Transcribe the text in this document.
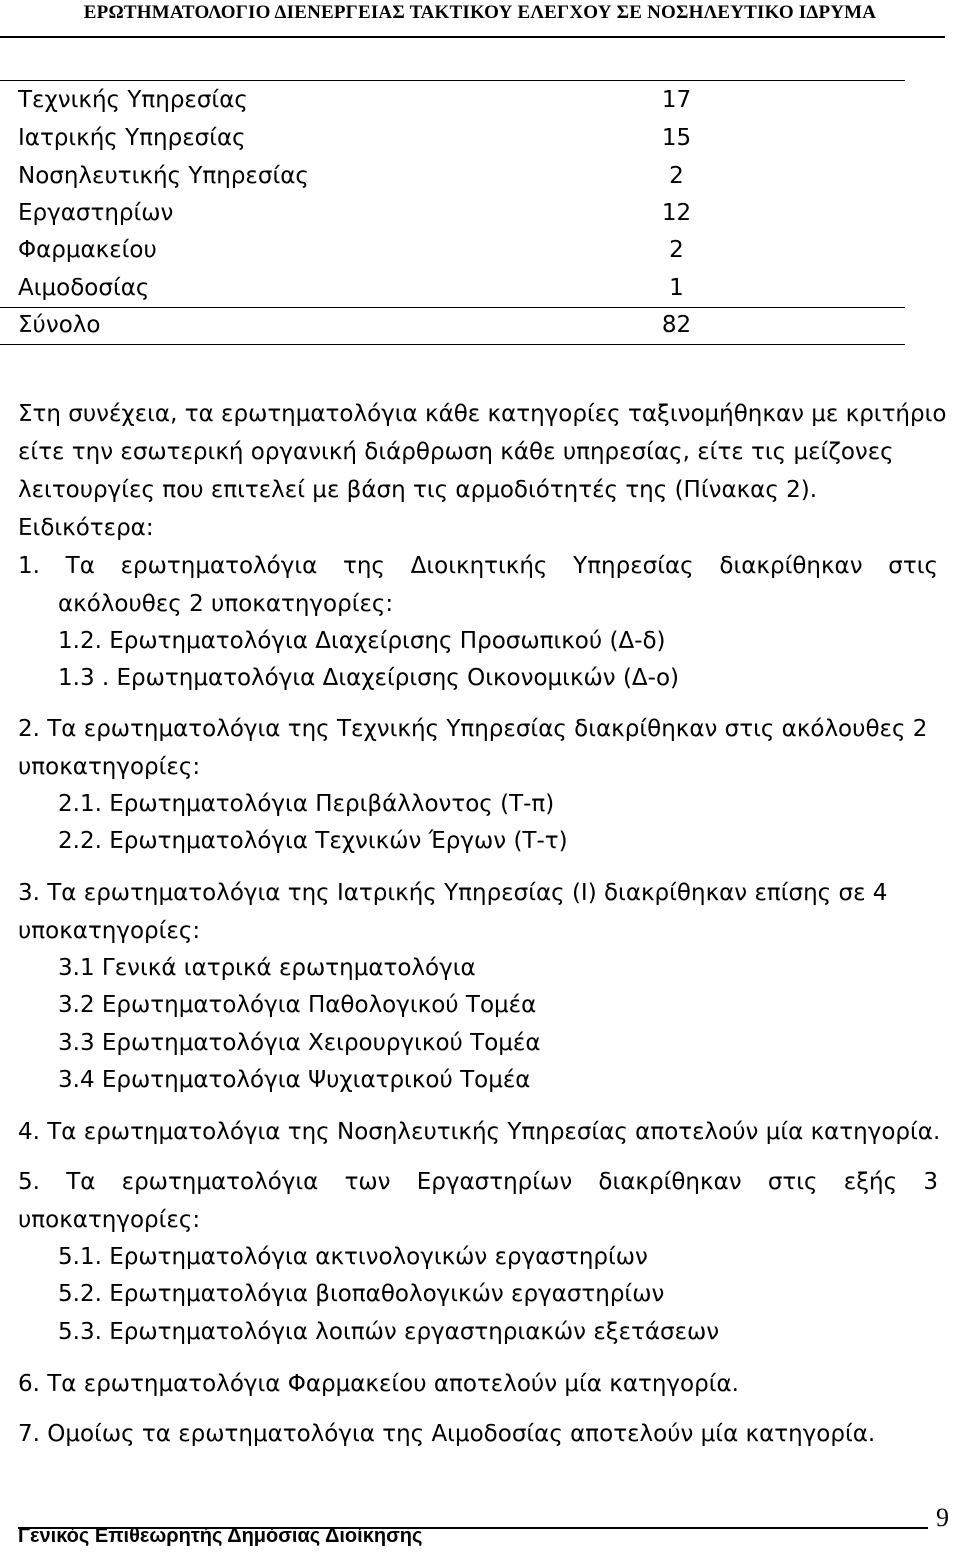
ΕΡΩΤΗΜΑΤΟΛΟΓΙΟ ΔΙΕΝΕΡΓΕΙΑΣ ΤΑΚΤΙΚΟΥ ΕΛΕΓΧΟΥ ΣΕ ΝΟΣΗΛΕΥΤΙΚΟ ΙΔΡΥΜΑ
Τεχνικής Υπηρεσίας	17
Ιατρικής Υπηρεσίας	15
Νοσηλευτικής Υπηρεσίας	2
Εργαστηρίων	12
Φαρμακείου	2
Αιμοδοσίας	1
Σύνολο	82
Στη συνέχεια, τα ερωτηματολόγια κάθε κατηγορίες ταξινομήθηκαν με κριτήριο
είτε την εσωτερική οργανική διάρθρωση κάθε υπηρεσίας, είτε τις μείζονες
λειτουργίες που επιτελεί με βάση τις αρμοδιότητές της (Πίνακας 2).
Ειδικότερα:
1. Τα ερωτηματολόγια της Διοικητικής Υπηρεσίας διακρίθηκαν στις
ακόλουθες 2 υποκατηγορίες:
1.2. Ερωτηματολόγια Διαχείρισης Προσωπικού (Δ-δ)
1.3 . Ερωτηματολόγια Διαχείρισης Οικονομικών (Δ-ο)
2. Τα ερωτηματολόγια της Τεχνικής Υπηρεσίας διακρίθηκαν στις ακόλουθες 2
υποκατηγορίες:
2.1. Ερωτηματολόγια Περιβάλλοντος (Τ-π)
2.2. Ερωτηματολόγια Τεχνικών Έργων (Τ-τ)
3. Τα ερωτηματολόγια της Ιατρικής Υπηρεσίας (Ι) διακρίθηκαν επίσης σε 4
υποκατηγορίες:
3.1 Γενικά ιατρικά ερωτηματολόγια
3.2 Ερωτηματολόγια Παθολογικού Τομέα
3.3 Ερωτηματολόγια Χειρουργικού Τομέα
3.4 Ερωτηματολόγια Ψυχιατρικού Τομέα
4. Τα ερωτηματολόγια της Νοσηλευτικής Υπηρεσίας αποτελούν μία κατηγορία.
5. Τα ερωτηματολόγια των Εργαστηρίων διακρίθηκαν στις εξής 3
υποκατηγορίες:
5.1. Ερωτηματολόγια ακτινολογικών εργαστηρίων
5.2. Ερωτηματολόγια βιοπαθολογικών εργαστηρίων
5.3. Ερωτηματολόγια λοιπών εργαστηριακών εξετάσεων
6. Τα ερωτηματολόγια Φαρμακείου αποτελούν μία κατηγορία.
7. Ομοίως τα ερωτηματολόγια της Αιμοδοσίας αποτελούν μία κατηγορία.
Γενικός Επιθεωρητής Δημόσιας Διοίκησης
9
